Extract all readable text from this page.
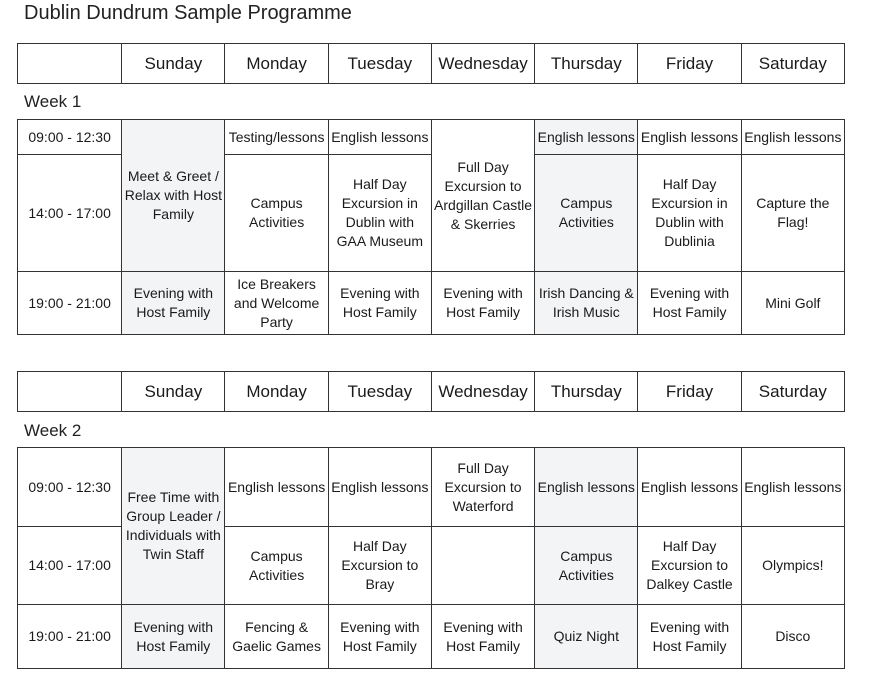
Dublin Dundrum Sample Programme
	Sunday	Monday	Tuesday	Wednesday	Thursday	Friday	Saturday
Week 1
09:00 - 12:30	Meet & Greet / Relax with Host Family	Testing/lessons	English lessons	Full Day Excursion to Ardgillan Castle & Skerries	English lessons	English lessons	English lessons
14:00 - 17:00		Campus Activities	Half Day Excursion in Dublin with GAA Museum		Campus Activities	Half Day Excursion in Dublin with Dublinia	Capture the Flag!
19:00 - 21:00	Evening with Host Family	Ice Breakers and Welcome Party	Evening with Host Family	Evening with Host Family	Irish Dancing & Irish Music	Evening with Host Family	Mini Golf
	Sunday	Monday	Tuesday	Wednesday	Thursday	Friday	Saturday
Week 2
09:00 - 12:30	Free Time with Group Leader / Individuals with Twin Staff	English lessons	English lessons	Full Day Excursion to Waterford	English lessons	English lessons	English lessons
14:00 - 17:00		Campus Activities	Half Day Excursion to Bray		Campus Activities	Half Day Excursion to Dalkey Castle	Olympics!
19:00 - 21:00	Evening with Host Family	Fencing & Gaelic Games	Evening with Host Family	Evening with Host Family	Quiz Night	Evening with Host Family	Disco
